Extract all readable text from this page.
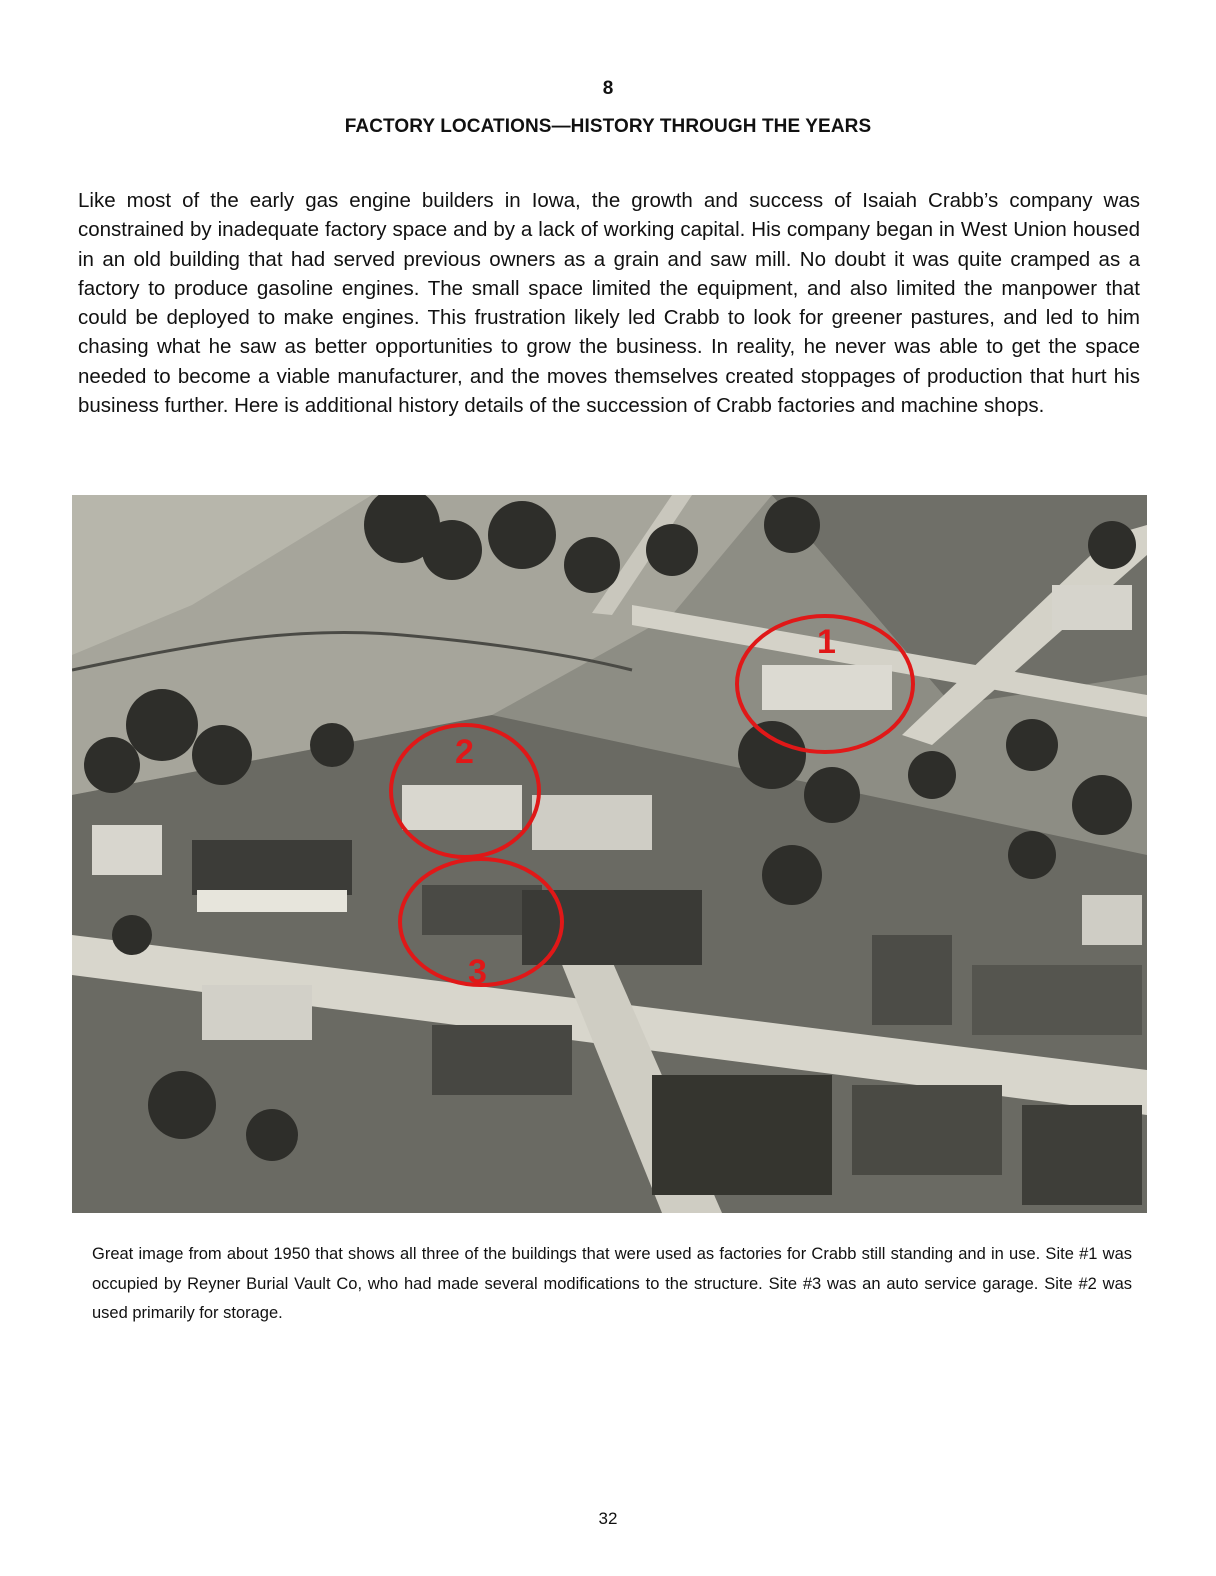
8
FACTORY LOCATIONS—HISTORY THROUGH THE YEARS

Like most of the early gas engine builders in Iowa, the growth and success of Isaiah Crabb’s company was constrained by inadequate factory space and by a lack of working capital. His company began in West Union housed in an old building that had served previous owners as a grain and saw mill. No doubt it was quite cramped as a factory to produce gasoline engines. The small space limited the equipment, and also limited the manpower that could be deployed to make engines. This frustration likely led Crabb to look for greener pastures, and led to him chasing what he saw as better opportunities to grow the business. In reality, he never was able to get the space needed to become a viable manufacturer, and the moves themselves created stoppages of production that hurt his business further. Here is additional history details of the succession of Crabb factories and machine shops.

1
2
3

Great image from about 1950 that shows all three of the buildings that were used as factories for Crabb still standing and in use. Site #1 was occupied by Reyner Burial Vault Co, who had made several modifications to the structure. Site #3 was an auto service garage. Site #2 was used primarily for storage.

32
